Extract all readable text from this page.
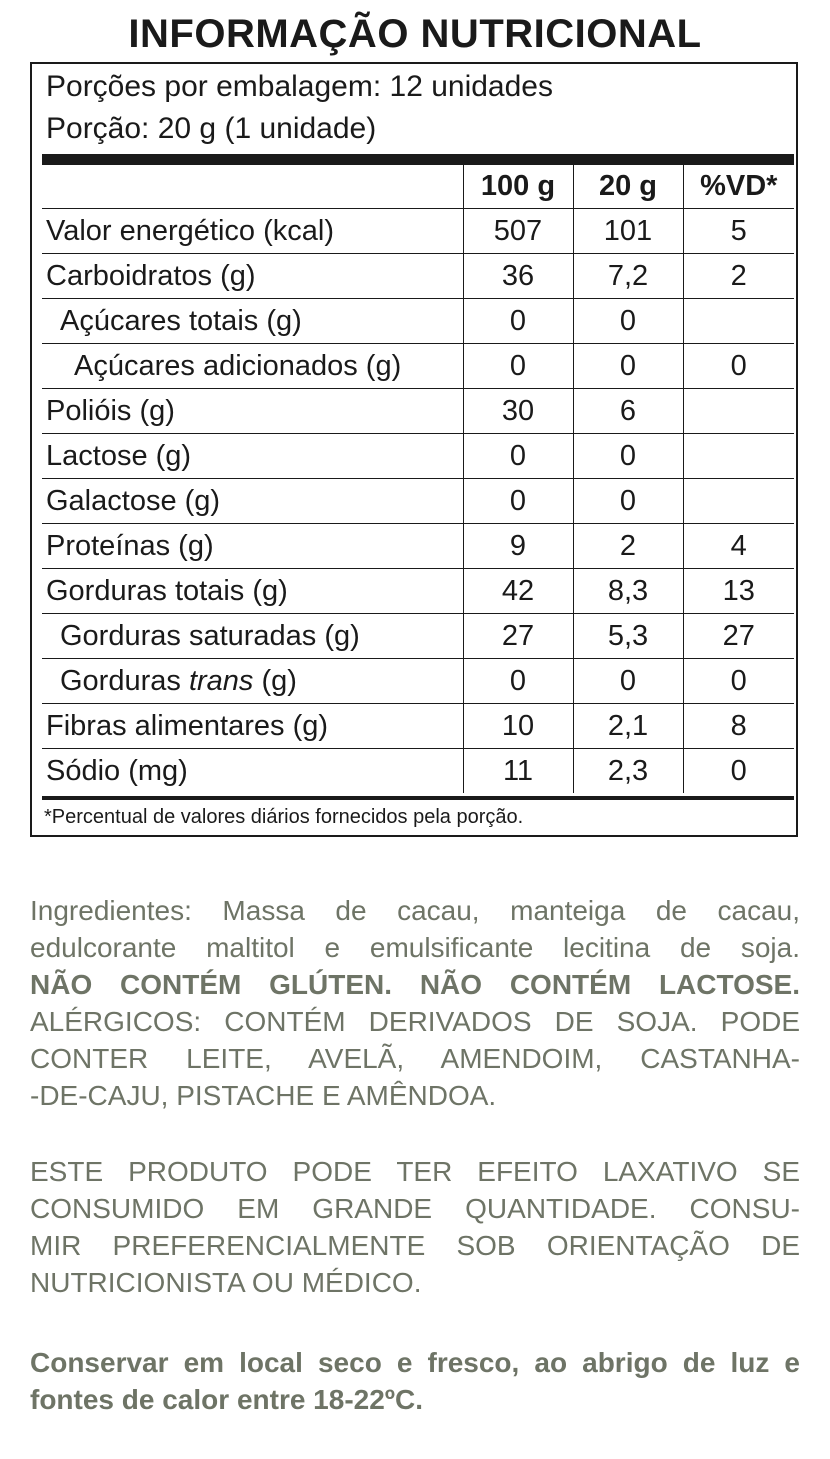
INFORMAÇÃO NUTRICIONAL
Porções por embalagem: 12 unidades
Porção: 20 g (1 unidade)
	100 g	20 g	%VD*
Valor energético (kcal)	507	101	5
Carboidratos (g)	36	7,2	2
Açúcares totais (g)	0	0	
Açúcares adicionados (g)	0	0	0
Polióis (g)	30	6	
Lactose (g)	0	0	
Galactose (g)	0	0	
Proteínas (g)	9	2	4
Gorduras totais (g)	42	8,3	13
Gorduras saturadas (g)	27	5,3	27
Gorduras trans (g)	0	0	0
Fibras alimentares (g)	10	2,1	8
Sódio (mg)	11	2,3	0
*Percentual de valores diários fornecidos pela porção.
Ingredientes: Massa de cacau, manteiga de cacau,
edulcorante maltitol e emulsificante lecitina de soja.
NÃO CONTÉM GLÚTEN. NÃO CONTÉM LACTOSE.
ALÉRGICOS: CONTÉM DERIVADOS DE SOJA. PODE
CONTER LEITE, AVELÃ, AMENDOIM, CASTANHA-
-DE-CAJU, PISTACHE E AMÊNDOA.
ESTE PRODUTO PODE TER EFEITO LAXATIVO SE
CONSUMIDO EM GRANDE QUANTIDADE. CONSU-
MIR PREFERENCIALMENTE SOB ORIENTAÇÃO DE
NUTRICIONISTA OU MÉDICO.
Conservar em local seco e fresco, ao abrigo de luz e
fontes de calor entre 18-22ºC.
